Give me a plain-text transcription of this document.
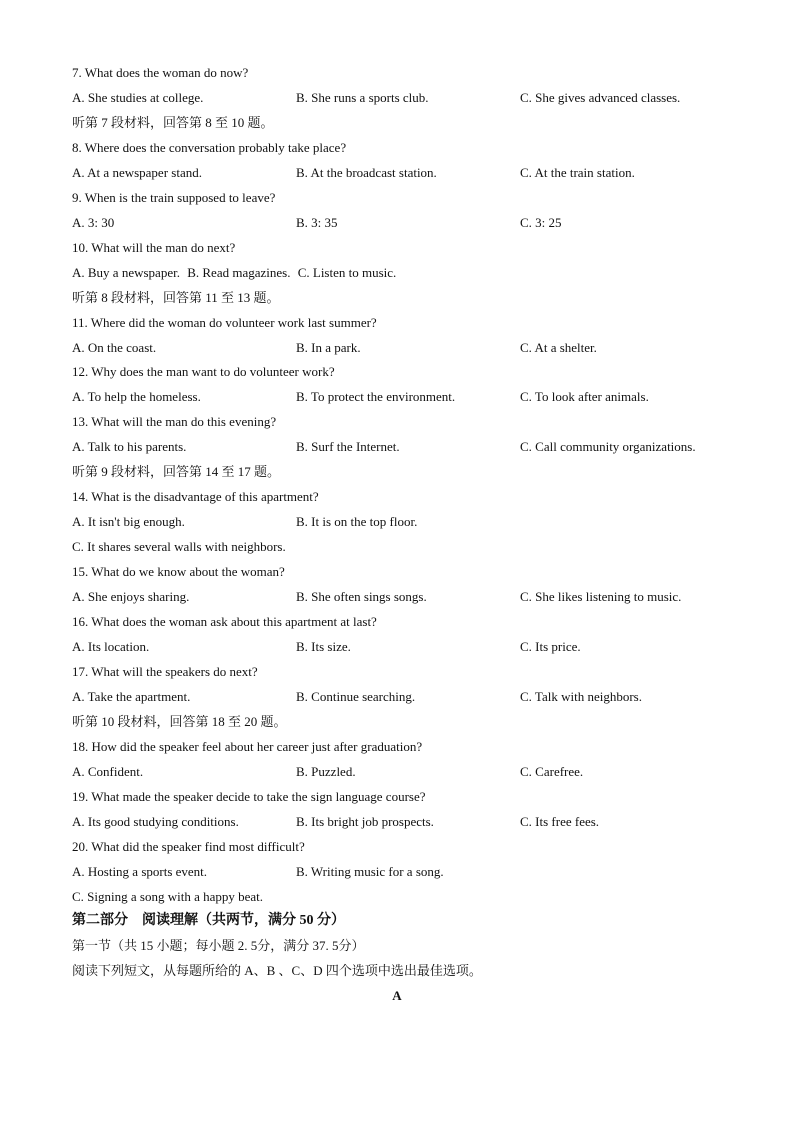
7. What does the woman do now?
A. She studies at college.	B. She runs a sports club.	C. She gives advanced classes.
听第 7 段材料，回答第 8 至 10 题。
8. Where does the conversation probably take place?
A. At a newspaper stand.	B. At the broadcast station.	C. At the train station.
9. When is the train supposed to leave?
A. 3: 30	B. 3: 35	C. 3: 25
10. What will the man do next?
A. Buy a newspaper. B. Read magazines. C. Listen to music.
听第 8 段材料，回答第 11 至 13 题。
11. Where did the woman do volunteer work last summer?
A. On the coast.	B. In a park.	C. At a shelter.
12. Why does the man want to do volunteer work?
A. To help the homeless.	B. To protect the environment.	C. To look after animals.
13. What will the man do this evening?
A. Talk to his parents.	B. Surf the Internet.	C. Call community organizations.
听第 9 段材料，回答第 14 至 17 题。
14. What is the disadvantage of this apartment?
A. It isn't big enough.	B. It is on the top floor.
C. It shares several walls with neighbors.
15. What do we know about the woman?
A. She enjoys sharing.	B. She often sings songs.	C. She likes listening to music.
16. What does the woman ask about this apartment at last?
A. Its location.	B. Its size.	C. Its price.
17. What will the speakers do next?
A. Take the apartment.	B. Continue searching.	C. Talk with neighbors.
听第 10 段材料，回答第 18 至 20 题。
18. How did the speaker feel about her career just after graduation?
A. Confident.	B. Puzzled.	C. Carefree.
19. What made the speaker decide to take the sign language course?
A. Its good studying conditions.	B. Its bright job prospects.	C. Its free fees.
20. What did the speaker find most difficult?
A. Hosting a sports event.	B. Writing music for a song.
C. Signing a song with a happy beat.
第二部分　阅读理解（共两节，满分 50 分）
第一节（共 15 小题；每小题 2. 5分，满分 37. 5分）
阅读下列短文，从每题所给的 A、B 、C、D 四个选项中选出最佳选项。
A
